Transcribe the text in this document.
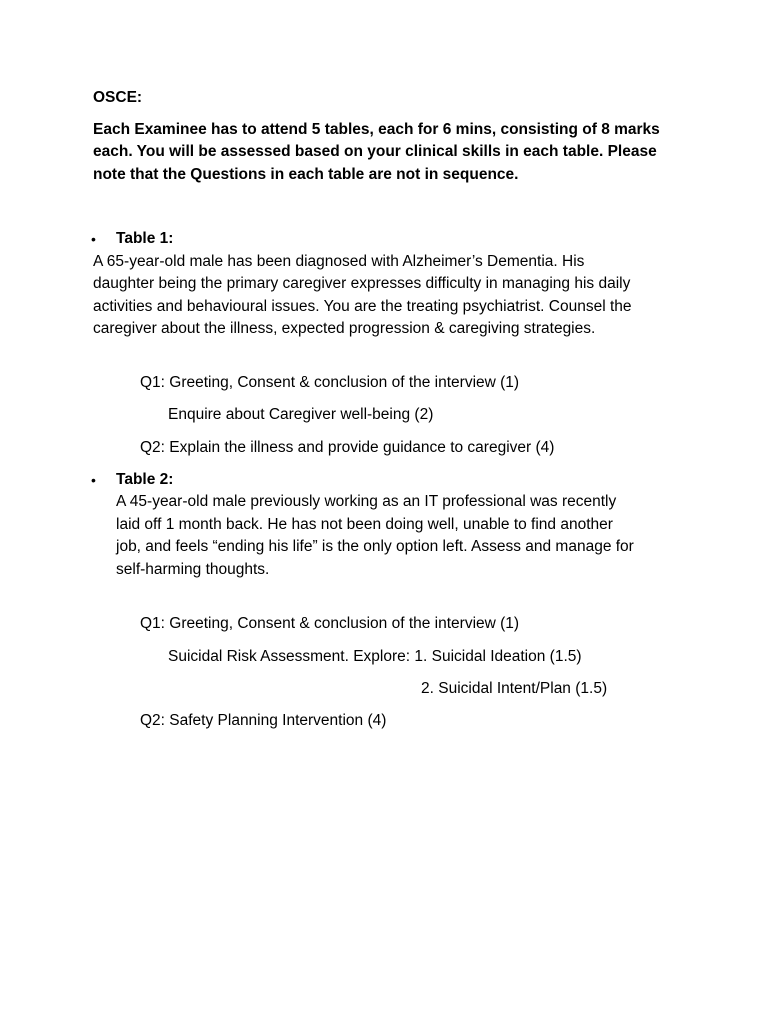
OSCE:
Each Examinee has to attend 5 tables, each for 6 mins, consisting of 8 marks
each. You will be assessed based on your clinical skills in each table. Please
note that the Questions in each table are not in sequence.
• Table 1:
A 65-year-old male has been diagnosed with Alzheimer’s Dementia. His
daughter being the primary caregiver expresses difficulty in managing his daily
activities and behavioural issues. You are the treating psychiatrist. Counsel the
caregiver about the illness, expected progression & caregiving strategies.
Q1: Greeting, Consent & conclusion of the interview (1)
Enquire about Caregiver well-being (2)
Q2: Explain the illness and provide guidance to caregiver (4)
• Table 2:
A 45-year-old male previously working as an IT professional was recently
laid off 1 month back. He has not been doing well, unable to find another
job, and feels “ending his life” is the only option left. Assess and manage for
self-harming thoughts.
Q1: Greeting, Consent & conclusion of the interview (1)
Suicidal Risk Assessment. Explore: 1. Suicidal Ideation (1.5)
2. Suicidal Intent/Plan (1.5)
Q2: Safety Planning Intervention (4)
